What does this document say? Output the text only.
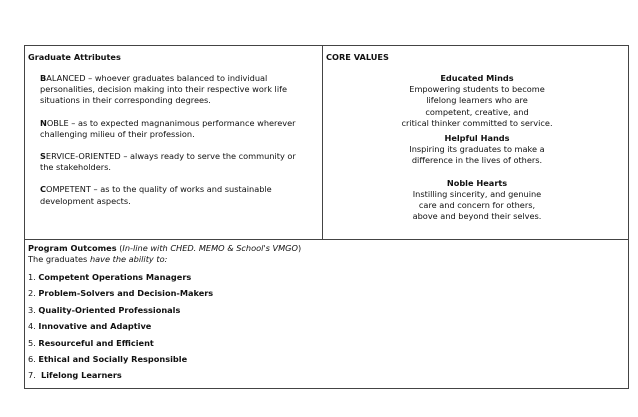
Graduate Attributes
BALANCED – whoever graduates balanced to individual personalities, decision making into their respective work life situations in their corresponding degrees.
NOBLE – as to expected magnanimous performance wherever challenging milieu of their profession.
SERVICE-ORIENTED – always ready to serve the community or the stakeholders.
COMPETENT – as to the quality of works and sustainable development aspects.

CORE VALUES
Educated Minds
Empowering students to become
lifelong learners who are
competent, creative, and
critical thinker committed to service.
Helpful Hands
Inspiring its graduates to make a
difference in the lives of others.
Noble Hearts
Instilling sincerity, and genuine
care and concern for others,
above and beyond their selves.

Program Outcomes (In-line with CHED. MEMO & School's VMGO)
The graduates have the ability to:
1. Competent Operations Managers
2. Problem-Solvers and Decision-Makers
3. Quality-Oriented Professionals
4. Innovative and Adaptive
5. Resourceful and Efficient
6. Ethical and Socially Responsible
7.  Lifelong Learners
